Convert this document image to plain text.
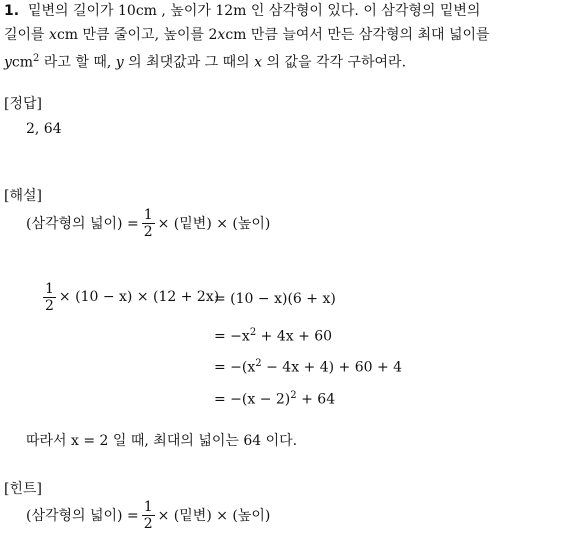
1. 밑변의 길이가 10cm , 높이가 12m 인 삼각형이 있다. 이 삼각형의 밑변의
길이를 xcm 만큼 줄이고, 높이를 2xcm 만큼 늘여서 만든 삼각형의 최대 넓이를
ycm$^2$ 라고 할 때, y 의 최댓값과 그 때의 x 의 값을 각각 구하여라.
[정답]
2, 64
[해설]
(삼각형의 넓이) = $\frac{1}{2}$ × (밑변) × (높이)
$\frac{1}{2} \times (10 - x) \times (12 + 2x)$
= (10 − x)(6 + x)
= $-x^2 + 4x + 60$
= $-(x^2 - 4x + 4) + 60 + 4$
= $-(x - 2)^2 + 64$
따라서 x = 2 일 때, 최대의 넓이는 64 이다.
[힌트]
(삼각형의 넓이) = $\frac{1}{2}$ × (밑변) × (높이)
